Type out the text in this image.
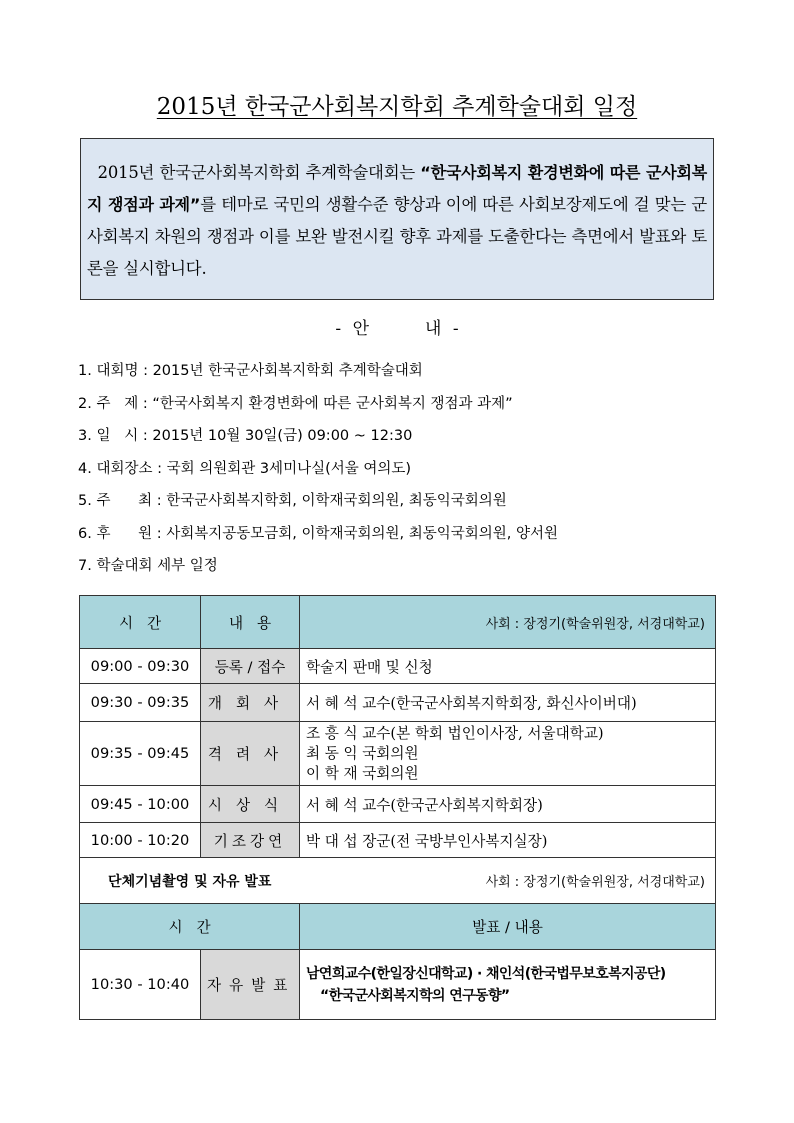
2015년 한국군사회복지학회 추계학술대회 일정
2015년 한국군사회복지학회 추계학술대회는 “한국사회복지 환경변화에 따른 군사회복지 쟁점과 과제”를 테마로 국민의 생활수준 향상과 이에 따른 사회보장제도에 걸 맞는 군사회복지 차원의 쟁점과 이를 보완 발전시킬 향후 과제를 도출한다는 측면에서 발표와 토론을 실시합니다.
- 안	내 -
1. 대회명 : 2015년 한국군사회복지학회 추계학술대회
2. 주   제 : “한국사회복지 환경변화에 따른 군사회복지 쟁점과 과제”
3. 일   시 : 2015년 10월 30일(금) 09:00 ~ 12:30
4. 대회장소 : 국회 의원회관 3세미나실(서울 여의도)
5. 주      최 : 한국군사회복지학회, 이학재국회의원, 최동익국회의원
6. 후      원 : 사회복지공동모금회, 이학재국회의원, 최동익국회의원, 양서원
7. 학술대회 세부 일정
시   간	내   용	사회 : 장정기(학술위원장, 서경대학교)
09:00 - 09:30	등록 / 접수	학술지 판매 및 신청
09:30 - 09:35	개회사	서 혜 석 교수(한국군사회복지학회장, 화신사이버대)
09:35 - 09:45	격려사	조 흥 식 교수(본 학회 법인이사장, 서울대학교)
최 동 익 국회의원
이 학 재 국회의원

09:45 - 10:00	시상식	서 혜 석 교수(한국군사회복지학회장)
10:00 - 10:20	기조강연	박 대 섭 장군(전 국방부인사복지실장)
단체기념촬영 및 자유 발표		사회 : 장정기(학술위원장, 서경대학교)
시   간		발표 / 내용
10:30 - 10:40	자유발표	남연희교수(한일장신대학교) · 채인석(한국법무보호복지공단)
“한국군사회복지학의 연구동향”
